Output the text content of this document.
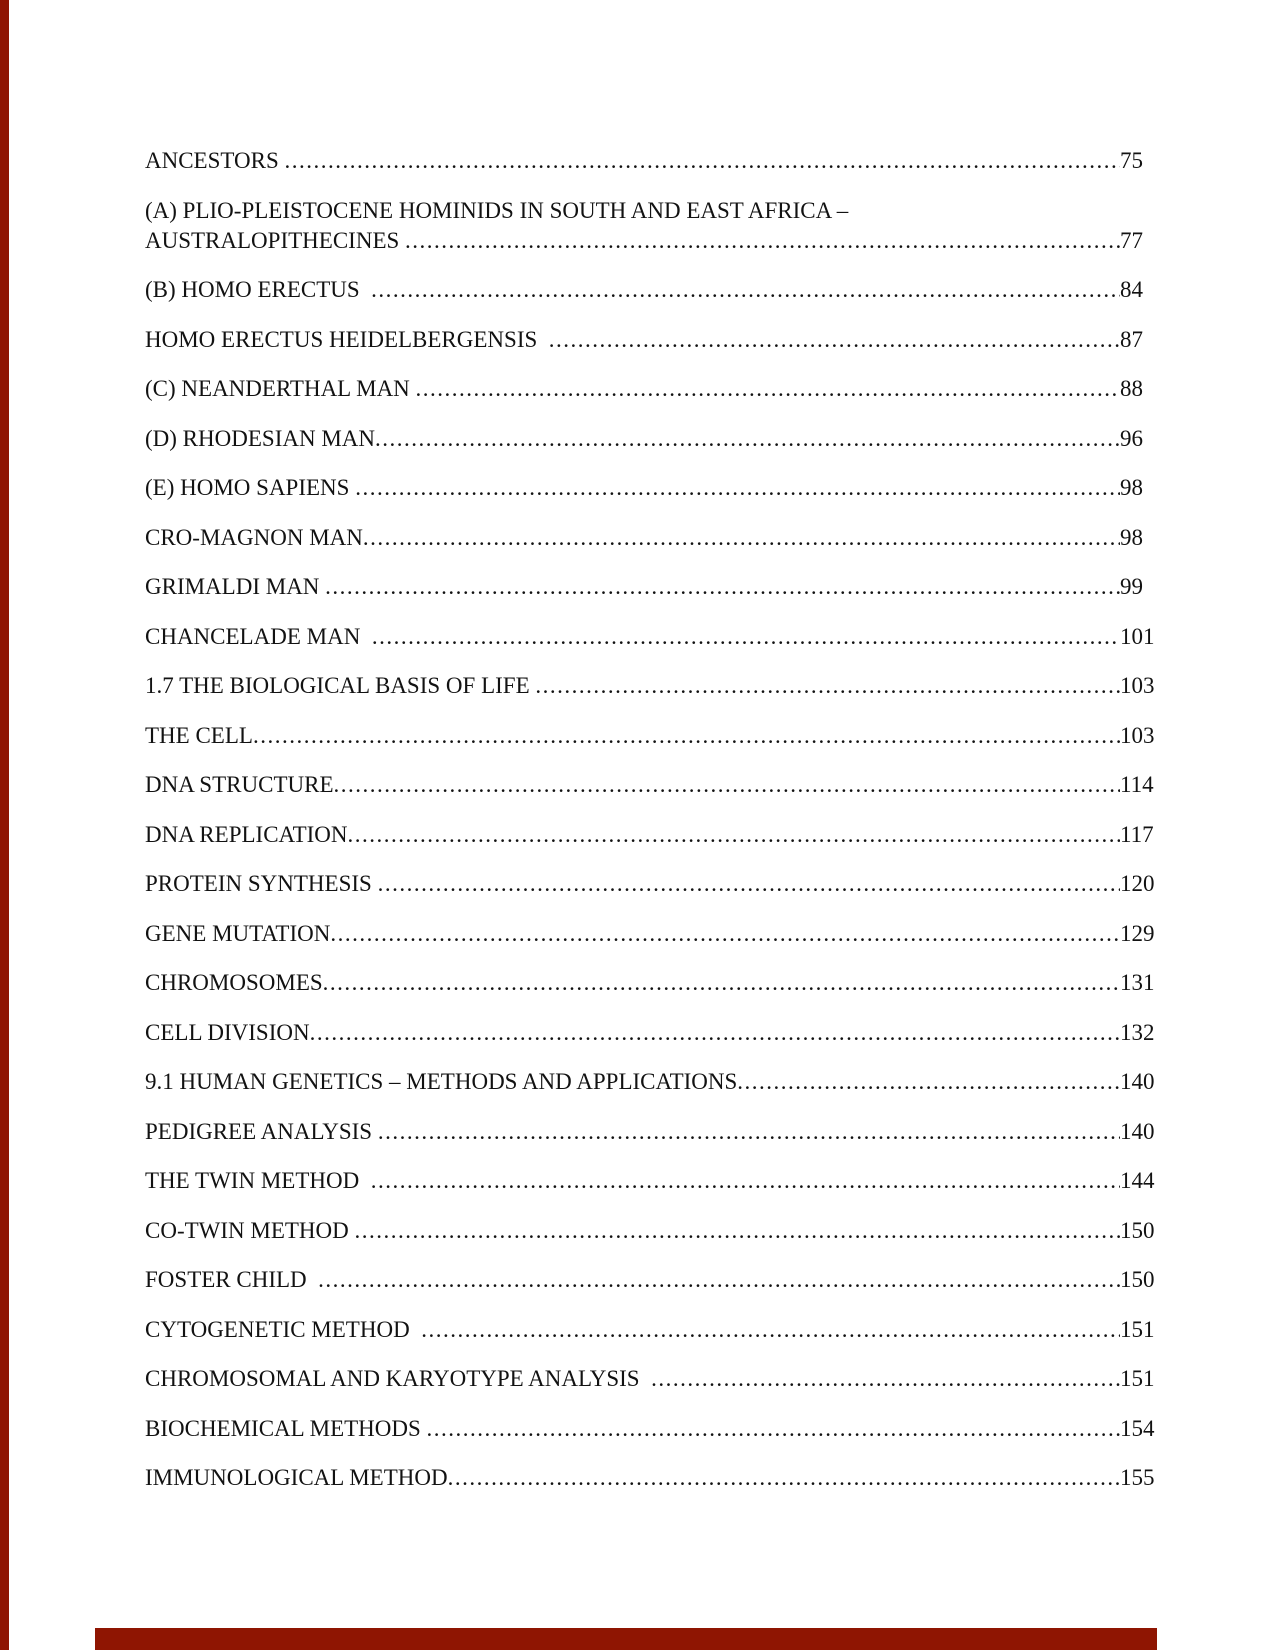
ANCESTORS .....	75
(A) PLIO-PLEISTOCENE HOMINIDS IN SOUTH AND EAST AFRICA –
AUSTRALOPITHECINES .....	77
(B) HOMO ERECTUS .....	84
HOMO ERECTUS HEIDELBERGENSIS .....	87
(C) NEANDERTHAL MAN .....	88
(D) RHODESIAN MAN .....	96
(E) HOMO SAPIENS .....	98
CRO-MAGNON MAN .....	98
GRIMALDI MAN .....	99
CHANCELADE MAN .....	101
1.7 THE BIOLOGICAL BASIS OF LIFE .....	103
THE CELL .....	103
DNA STRUCTURE .....	114
DNA REPLICATION .....	117
PROTEIN SYNTHESIS .....	120
GENE MUTATION .....	129
CHROMOSOMES .....	131
CELL DIVISION .....	132
9.1 HUMAN GENETICS – METHODS AND APPLICATIONS .....	140
PEDIGREE ANALYSIS .....	140
THE TWIN METHOD .....	144
CO-TWIN METHOD .....	150
FOSTER CHILD .....	150
CYTOGENETIC METHOD .....	151
CHROMOSOMAL AND KARYOTYPE ANALYSIS .....	151
BIOCHEMICAL METHODS .....	154
IMMUNOLOGICAL METHOD .....	155
